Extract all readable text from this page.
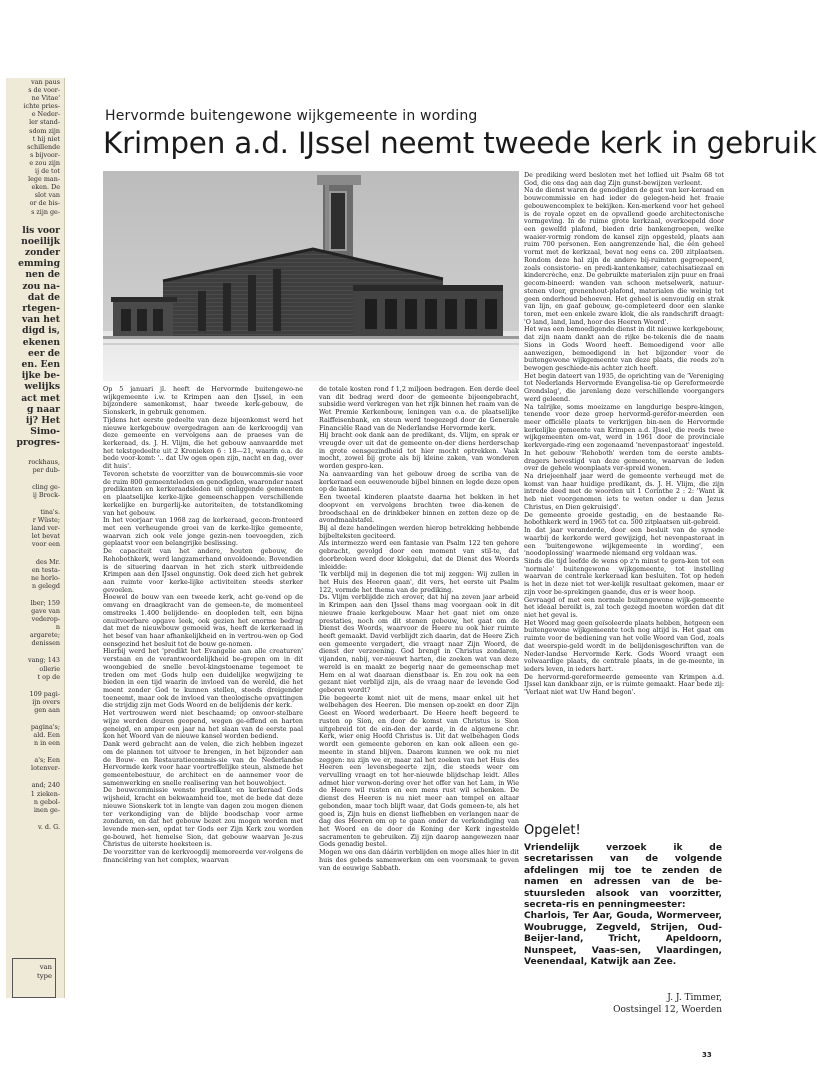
van paus
s de voor-
ne Vitae'
ichte pries-
e Neder-
ler stand-
sdom zijn
t hij niet
schillende
s bijvoor-
e zou zijn
ij de tot
lege man-
eken. De
slot van
or de bis-
s zijn ge-
lis voor
noeilijk
zonder
emming
nen de
zou na-
dat de
rtegen-
van het
digd is,
ekenen
eer de
en. Een
ijke be-
welijks
act met
g naar
ij? Het
Simo-
progres-
rockhaus,
per dub-
cling ge-
ij Brock-
tina's.
r Wüste;
land ver-
let bevat
voor een
des Mr.
en testa-
ne horlo-
n gelegd
lber; 159
gave van
vederop-
n
argarete;
denissen
vang; 143
ollerie
t op de
109 pagi-
ijn overs
gen aan
pagina's;
ald. Een
n in een
a's; Een
lotenver-
and; 240
1 zieken-
n gebol-
inen ge-
v. d. G.
van
type
Hervormde buitengewone wijkgemeente in wording
Krimpen a.d. IJssel neemt tweede kerk in gebruik

Op 5 januari jl. heeft de Hervormde buitengewo-ne wijkgemeente i.w. te Krimpen aan den IJssel, in een bijzondere samenkomst, haar tweede kerk-gebouw, de Sionskerk, in gebruik genomen.

Tijdens het eerste gedeelte van deze bijeenkomst werd het nieuwe kerkgebouw overgedragen aan de kerkvoogdij van deze gemeente en vervolgens aan de praeses van de kerkeraad, ds. J. H. Vlijm, die het gebouw aanvaardde met het tekstgedeelte uit 2 Kronieken 6 : 18—21, waarin o.a. de bede voor-komt: '.. dat Uw ogen open zijn, nacht en dag, over dit huis'.

Tevoren schetste de voorzitter van de bouwcommis-sie voor de ruim 800 gemeenteleden en genodigden, waaronder naast predikanten en kerkeraadsleden uit omliggende gemeenten en plaatselijke kerke-lijke gemeenschappen verschillende kerkelijke en burgerlij-ke autoriteiten, de totstandkoming van het gebouw.

In het voorjaar van 1968 zag de kerkeraad, gecon-fronteerd met een verheugende groei van de kerke-lijke gemeente, waarvan zich ook vele jonge gezin-nen toevoegden, zich geplaatst voor een belangrijke beslissing.

De capaciteit van het andere, houten gebouw, de Rehobothkerk, werd langzamerhand onvoldoende. Bovendien is de situering daarvan in het zich sterk uitbreidende Krimpen aan den IJssel ongunstig. Ook deed zich het gebrek aan ruimte voor kerke-lijke activiteiten steeds sterker gevoelen.

Hoewel de bouw van een tweede kerk, acht ge-vend op de omvang en draagkracht van de gemeen-te, de momenteel omstreeks 1.400 belijdende- en doopleden telt, een bijna onuitvoerbare opgave leek, ook gezien het enorme bedrag dat met de nieuwbouw gemoeid was, heeft de kerkeraad in het besef van haar afhankelijkheid en in vertrou-wen op God eensgezind het besluit tot de bouw ge-nomen.

Hierbij werd het 'predikt het Evangelie aan alle creaturen' verstaan en de verantwoordelijkheid be-grepen om in dit woongebied de snelle bevol-kingstoename tegemoet te treden om met Gods hulp een duidelijke wegwijzing te bieden in een tijd waarin de invloed van de wereld, die het moent zonder God te kunnen stellen, steeds dreigender toeneemt, maar ook de invloed van theologische opvattingen die strijdig zijn met Gods Woord en de belijdenis der kerk.

Het vertrouwen werd niet beschaamd; op onvoor-stelbare wijze werden deuren geopend, wegen ge-effend en harten geneigd, en amper een jaar na het slaan van de eerste paal kon het Woord van de nieuwe kansel worden bediend.

Dank werd gebracht aan de velen, die zich hebben ingezet om de plannen tot uitvoer te brengen, in het bijzonder aan de Bouw- en Restauratiecommis-sie van de Nederlandse Hervormde kerk voor haar voortreffelijke steun, alsmede het gemeentebestuur, de architect en de aannemer voor de samenwerking en snelle realisering van het bouwobject.

De bouwcommissie wenste predikant en kerkeraad Gods wijsheid, kracht en bekwaamheid toe, met de bede dat deze nieuwe Sionskerk tot in lengte van dagen zou mogen dienen ter verkondiging van de blijde boodschap voor arme zondaren, en dat het gebouw bezet zou mogen worden met levende men-sen, opdat ter Gods eer Zijn Kerk zou worden ge-bouwd, het hemelse Sion, dat gebouw waarvan Je-zus Christus de uiterste hoeksteen is.

De voorzitter van de kerkvoogdij memoreerde ver-volgens de financiëring van het complex, waarvan

de totale kosten rond f 1,2 miljoen bedragen. Een derde deel van dit bedrag werd door de gemeente bijeengebracht, subsidie werd verkregen van het rijk binnen het raam van de Wet Premie Kerkenbouw, leningen van o.a. de plaatselijke Raiffeisenbank, en steun werd toegezegd door de Generale Financiële Raad van de Nederlandse Hervormde kerk.

Hij bracht ook dank aan de predikant, ds. Vlijm, en sprak er vreugde over uit dat de gemeente on-der diens herderschap in grote eensgezindheid tot hier mocht optrekken. Vaak mocht, zowel bij grote als bij kleine zaken, van wonderen worden gespro-ken.

Na aanvaarding van het gebouw droeg de scriba van de kerkeraad een eeuwenoude bijbel binnen en legde deze open op de kansel.

Een tweetal kinderen plaatste daarna het bekken in het doopvont en vervolgens brachten twee dia-kenen de broodschaal en de drinkbeker binnen en zetten deze op de avondmaalstafel.

Bij al deze handelingen werden hierop betrekking hebbende bijbelteksten geciteerd.

Als intermezzo werd een fantasie van Psalm 122 ten gehore gebracht, gevolgd door een moment van stil-te, dat doorbroken werd door klokgelui, dat de Dienst des Woords inleidde:

'Ik verblijd mij in degenen die tot mij zeggen: Wij zullen in het Huis des Heeren gaan', dit vers, het eerste uit Psalm 122, vormde het thema van de prediking.

Ds. Vlijm verblijdde zich erover, dat hij na zeven jaar arbeid in Krimpen aan den IJssel thans mag voorgaan ook in dit nieuwe fraaie kerkgebouw. Maar het gaat niet om onze prestaties, noch om dit stenen gebouw, het gaat om de Dienst des Woords, waarvoor de Heere nu ook hier ruimte heeft gemaakt. David verblijdt zich daarin, dat de Heere Zich een gemeente vergadert, die vraagt naar Zijn Woord, de dienst der verzoening. God brengt in Christus zondaren, vijanden, nabij, ver-nieuwt harten, die zoeken wat van deze wereld is en maakt ze begerig naar de gemeenschap met Hem en al wat daaraan dienstbaar is. En zou ook na een gezant niet verblijd zijn, als de vraag naar de levende God geboren wordt?

Die begeerte komt niet uit de mens, maar enkel uit het welbehagen des Heeren. Die mensen op-zoekt en door Zijn Geest en Woord wederbaart. De Heere heeft begeerd te rusten op Sion, en door de komst van Christus is Sion uitgebreid tot de ein-den der aarde, in de algemene chr. Kerk, wier enig Hoofd Christus is. Uit dat welbehagen Gods wordt een gemeente geboren en kan ook alleen een ge-meente in stand blijven. Daarom kunnen we ook nu niet zeggen: nu zijn we er, maar zal het zoeken van het Huis des Heeren een levensbegeerte zijn, die steeds weer om vervulling vraagt en tot her-nieuwde blijdschap leidt. Alles admet hier verwon-dering over het offer van het Lam, in Wie de Heere wil rusten en een mens rust wil schenken. De dienst des Heeren is nu niet meer aan tempel en altaar gebonden, maar toch blijft waar, dat Gods gemeen-te, als het goed is, Zijn huis en dienst liefhebben en verlangen naar de dag des Heeren om op te gaan onder de verkondiging van het Woord en de door de Koning der Kerk ingestelde sacramenten te gebruiken. Zij zijn daarop aangewezen naar Gods genadig bestel.

Mogen we ons dan dáárin verblijden en moge alles hier in dit huis des gebeds samenwerken om een voorsmaak te geven van de eeuwige Sabbath.

De prediking werd besloten met het loflied uit Psalm 68 tot God, die ons dag aan dag Zijn gunst-bewijzen verleent.

Na de dienst waren de genodigden de gast van ker-keraad en bouwcommissie en had ieder de gelegen-heid het fraaie gebouwencomplex te bekijken. Ken-merkend voor het geheel is de royale opzet en de opvallend goede architectonische vormgeving. In de ruime grote kerkzaal, overkoepeld door een gewelfd plafond, bieden drie bankengroepen, welke waaier-vormig rondom de kansel zijn opgesteld, plaats aan ruim 700 personen. Een aangrenzende hal, die één geheel vormt met de kerkzaal, bevat nog eens ca. 200 zitplaatsen. Rondom deze hal zijn de andere bij-ruimten gegroepeerd, zoals consistorie- en predi-kantenkamer, catechisatiezaal en kindercrèche, enz. De gebruikte materialen zijn puur en fraai gecom-bineerd: wanden van schoon metselwerk, natuur-stenen vloer, grenenhout-plafond, materialen die weinig tot geen onderhoud behoeven. Het geheel is eenvoudig en strak van lijn, en gaaf gebouw, ge-completeerd door een slanke toren, met een enkele zware klok, die als randschrift draagt: 'O land, land, land, hoor des Heeren Woord'.

Het was een bemoedigende dienst in dit nieuwe kerkgebouw, dat zijn naam dankt aan de rijke be-tekenis die de naam Sions in Gods Woord heeft. Bemoedigend voor alle aanwezigen, bemoedigend in het bijzonder voor de buitengewone wijkgemeente van deze plaats, die reeds zo'n bewogen geschiede-nis achter zich heeft.

Het begin dateert van 1935, de oprichting van de 'Vereniging tot Nederlands Hervormde Evangelisa-tie op Gereformeerde Grondslag', die jarenlang deze verschillende voorgangers werd geleend.

Na talrijke, soms moeizame en langdurige bespre-kingen, tenende voor deze groep hervormd-gerefor-meerden een meer officiële plaats te verkrijgen bin-nen de Hervormde kerkelijke gemeente van Krimpen a.d. IJssel, die reeds twee wijkgemeenten om-vat, werd in 1961 door de provinciale kerkvergade-ring een zogenaamd 'nevenpastoraat' ingesteld. In het gebouw 'Rehoboth' werden tom de eerste ambts-dragers bevestigd van deze gemeente, waarvan de leden over de gehele woonplaats ver-spreid wonen.

Na driejeenhalf jaar werd de gemeente verheugd met de komst van haar huidige predikant, ds. J. H. Vlijm, die zijn intrede deed met de woorden uit 1 Corinthe 2 : 2: 'Want ik heb niet voorgenomen iets te weten onder u dan Jezus Christus, en Dien gekruisigd'.

De gemeente groeide gestadig, en de bestaande Re-hobothkerk werd in 1965 tot ca. 500 zitplaatsen uit-gebreid.

In dat jaar veranderde, door een besluit van de synode waarbij de kerkorde werd gewijzigd, het nevenpastoraat in een 'buitengewone wijkgemeente in wording', een 'noodoplossing' waarmede niemand erg voldaan was.

Sinds die tijd leefde de wens op z'n minst te gera-ken tot een 'normale' buitengewone wijkgemeente, tot instelling waarvan de centrale kerkeraad kan besluiten. Tot op heden is het in deze niet tot wer-kelijk resultaat gekomen, maar er zijn voor be-sprekingen gaande, dus er is weer hoop.

Gevraagd of met een normale buitengewone wijk-gemeente het ideaal bereikt is, zal toch gezegd moeten worden dat dit niet het geval is.

Het Woord mag geen geïsoleerde plaats hebben, hetgeen een buitengewone wijkgemeente toch nog altijd is. Het gaat om ruimte voor de bediening van het volle Woord van God, zoals dat weerspie-geld wordt in de belijdenisgeschriften van de Neder-landse Hervormde Kerk. Gods Woord vraagt een volwaardige plaats, de centrale plaats, in de ge-meente, in ieders leven, in ieders hart.

De hervormd-gereformeerde gemeente van Krimpen a.d. IJssel kan dankbaar zijn, er is ruimte gemaakt. Haar bede zij: 'Verlaat niet wat Uw Hand begon'.

Opgelet!

Vriendelijk verzoek ik de secretarissen van de volgende afdelingen mij toe te zenden de namen en adressen van de be-stuursleden alsook van voorzitter, secreta-ris en penningmeester:

Charlois, Ter Aar, Gouda, Wormerveer, Woubrugge, Zegveld, Strijen, Oud-Beijer-land, Tricht, Apeldoorn, Nunspeet, Vaas-sen, Vlaardingen, Veenendaal, Katwijk aan Zee.

J. J. Timmer,
Oostsingel 12, Woerden
33
